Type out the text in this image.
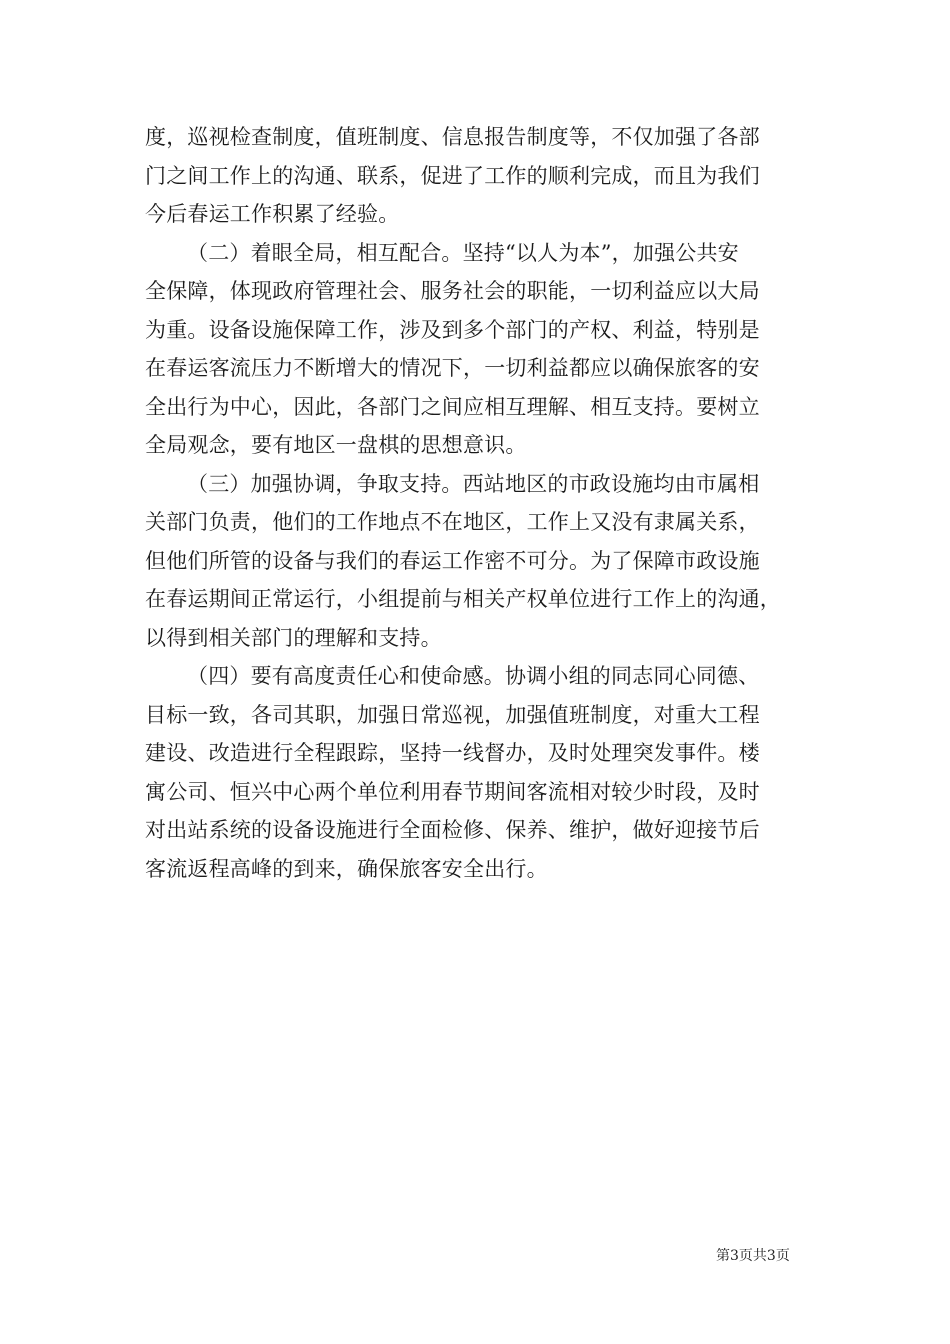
度，巡视检查制度，值班制度、信息报告制度等，不仅加强了各部
门之间工作上的沟通、联系，促进了工作的顺利完成，而且为我们
今后春运工作积累了经验。
（二）着眼全局，相互配合。坚持“以人为本”，加强公共安
全保障，体现政府管理社会、服务社会的职能，一切利益应以大局
为重。设备设施保障工作，涉及到多个部门的产权、利益，特别是
在春运客流压力不断增大的情况下，一切利益都应以确保旅客的安
全出行为中心，因此，各部门之间应相互理解、相互支持。要树立
全局观念，要有地区一盘棋的思想意识。
（三）加强协调，争取支持。西站地区的市政设施均由市属相
关部门负责，他们的工作地点不在地区，工作上又没有隶属关系，
但他们所管的设备与我们的春运工作密不可分。为了保障市政设施
在春运期间正常运行，小组提前与相关产权单位进行工作上的沟通，
以得到相关部门的理解和支持。
（四）要有高度责任心和使命感。协调小组的同志同心同德、
目标一致，各司其职，加强日常巡视，加强值班制度，对重大工程
建设、改造进行全程跟踪，坚持一线督办，及时处理突发事件。楼
寓公司、恒兴中心两个单位利用春节期间客流相对较少时段，及时
对出站系统的设备设施进行全面检修、保养、维护，做好迎接节后
客流返程高峰的到来，确保旅客安全出行。
第3页共3页
